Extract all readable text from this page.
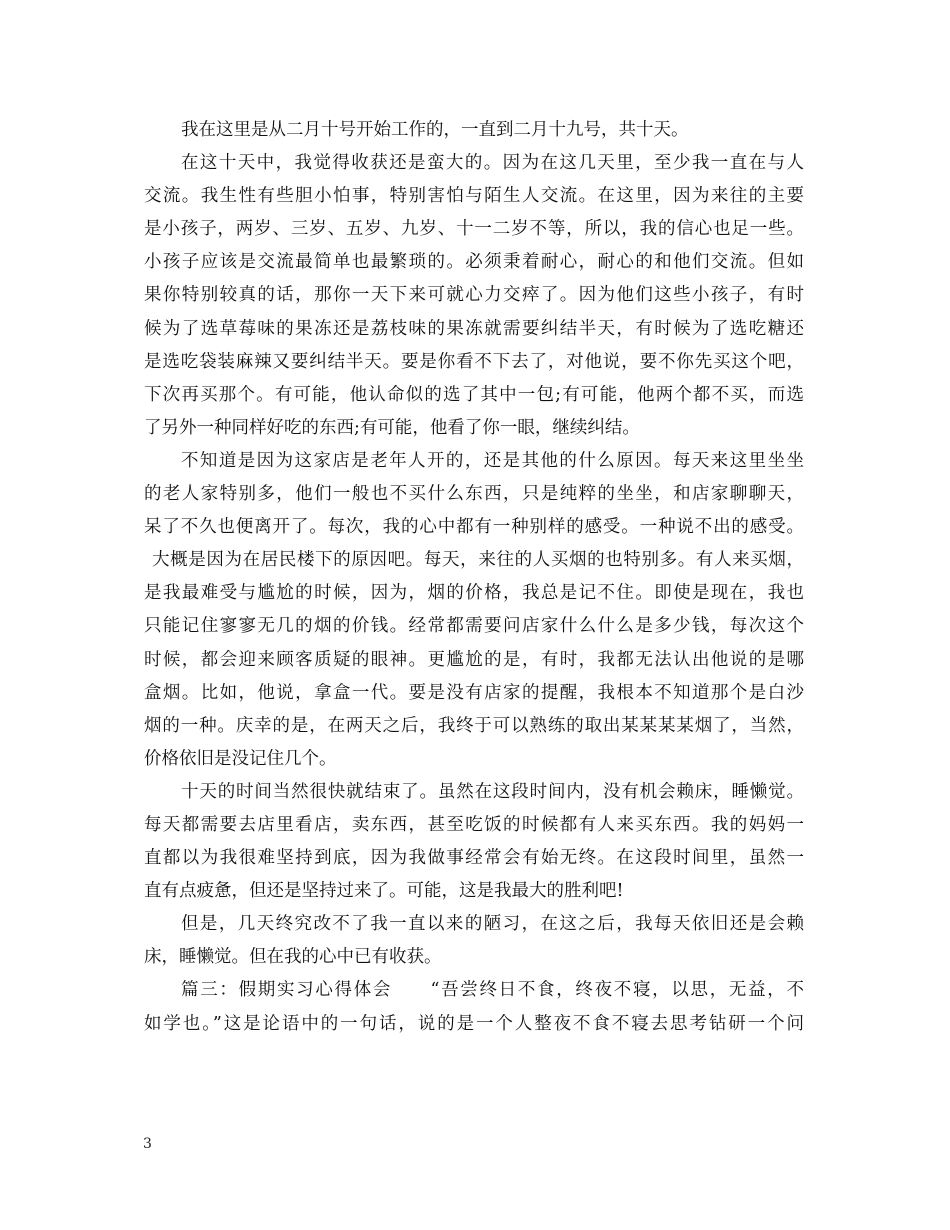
我在这里是从二月十号开始工作的，一直到二月十九号，共十天。
在这十天中，我觉得收获还是蛮大的。因为在这几天里，至少我一直在与人
交流。我生性有些胆小怕事，特别害怕与陌生人交流。在这里，因为来往的主要
是小孩子，两岁、三岁、五岁、九岁、十一二岁不等，所以，我的信心也足一些。
小孩子应该是交流最简单也最繁琐的。必须秉着耐心，耐心的和他们交流。但如
果你特别较真的话，那你一天下来可就心力交瘁了。因为他们这些小孩子，有时
候为了选草莓味的果冻还是荔枝味的果冻就需要纠结半天，有时候为了选吃糖还
是选吃袋装麻辣又要纠结半天。要是你看不下去了，对他说，要不你先买这个吧，
下次再买那个。有可能，他认命似的选了其中一包;有可能，他两个都不买，而选
了另外一种同样好吃的东西;有可能，他看了你一眼，继续纠结。
不知道是因为这家店是老年人开的，还是其他的什么原因。每天来这里坐坐
的老人家特别多，他们一般也不买什么东西，只是纯粹的坐坐，和店家聊聊天，
呆了不久也便离开了。每次，我的心中都有一种别样的感受。一种说不出的感受。
大概是因为在居民楼下的原因吧。每天，来往的人买烟的也特别多。有人来买烟，
是我最难受与尴尬的时候，因为，烟的价格，我总是记不住。即使是现在，我也
只能记住寥寥无几的烟的价钱。经常都需要问店家什么什么是多少钱，每次这个
时候，都会迎来顾客质疑的眼神。更尴尬的是，有时，我都无法认出他说的是哪
盒烟。比如，他说，拿盒一代。要是没有店家的提醒，我根本不知道那个是白沙
烟的一种。庆幸的是，在两天之后，我终于可以熟练的取出某某某某烟了，当然，
价格依旧是没记住几个。
十天的时间当然很快就结束了。虽然在这段时间内，没有机会赖床，睡懒觉。
每天都需要去店里看店，卖东西，甚至吃饭的时候都有人来买东西。我的妈妈一
直都以为我很难坚持到底，因为我做事经常会有始无终。在这段时间里，虽然一
直有点疲惫，但还是坚持过来了。可能，这是我最大的胜利吧!
但是，几天终究改不了我一直以来的陋习，在这之后，我每天依旧还是会赖
床，睡懒觉。但在我的心中已有收获。
篇三：假期实习心得体会　　“吾尝终日不食，终夜不寝，以思，无益，不
如学也。”这是论语中的一句话，说的是一个人整夜不食不寝去思考钻研一个问
3
